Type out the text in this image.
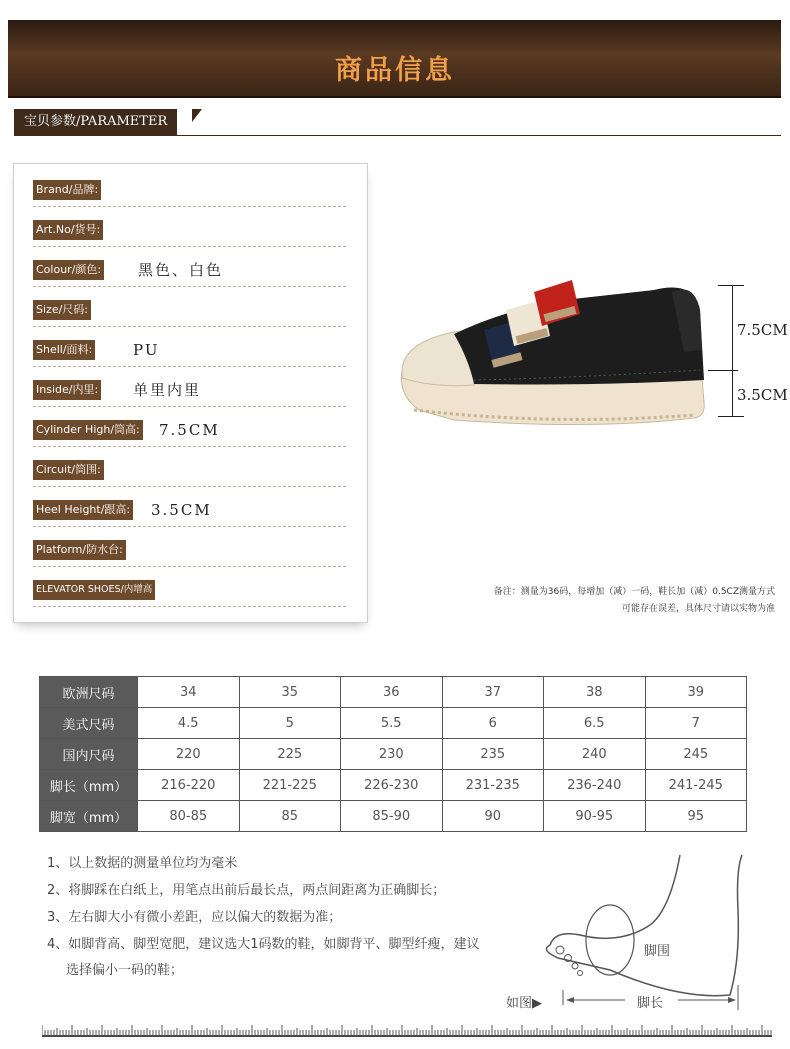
商品信息
宝贝参数/PARAMETER
Brand/品牌:
Art.No/货号:
Colour/颜色: 黑色、白色
Size/尺码:
Shell/面料:	PU
Inside/内里: 单里内里
Cylinder High/筒高: 7.5CM
Circuit/筒围:
Heel Height/跟高: 3.5CM
Platform/防水台:
ELEVATOR SHOES/内增高
7.5CM
3.5CM
备注：测量为36码，每增加（减）一码，鞋长加（减）0.5CZ测量方式
可能存在误差，具体尺寸请以实物为准
欧洲尺码	34	35	36	37	38	39
美式尺码	4.5	5	5.5	6	6.5	7
国内尺码	220	225	230	235	240	245
脚长（mm）	216-220	221-225	226-230	231-235	236-240	241-245
脚宽（mm）	80-85	85	85-90	90	90-95	95
1、以上数据的测量单位均为毫米
2、将脚踩在白纸上，用笔点出前后最长点，两点间距离为正确脚长；
3、左右脚大小有微小差距，应以偏大的数据为准；
4、如脚背高、脚型宽肥，建议选大1码数的鞋，如脚背平、脚型纤瘦，建议
选择偏小一码的鞋；
脚围
脚长
如图▶
